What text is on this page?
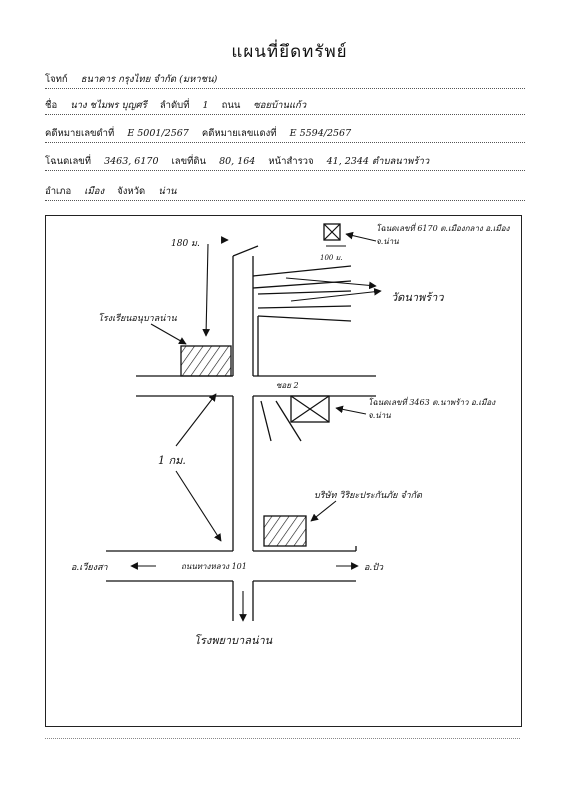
แผนที่ยึดทรัพย์
โจทก์ ธนาคาร กรุงไทย จำกัด (มหาชน)
ชื่อ นาง ชไมพร บุญศรี ลำดับที่ 1 ถนน ซอยบ้านแก้ว
คดีหมายเลขดำที่ E 5001/2567 คดีหมายเลขแดงที่ E 5594/2567
โฉนดเลขที่ 3463, 6170 เลขที่ดิน 80, 164 หน้าสำรวจ 41, 2344 ตำบลนาพร้าว
อำเภอ เมือง จังหวัด น่าน
180 ม.
100 ม.
โฉนดเลขที่ 6170 ต.เมืองกลาง อ.เมือง จ.น่าน
วัดนาพร้าว
โรงเรียนอนุบาลน่าน
ซอย 2
โฉนดเลขที่ 3463 ต.นาพร้าว อ.เมือง จ.น่าน
1 กม.
บริษัท วิริยะประกันภัย จำกัด
อ.เวียงสา	ถนนทางหลวง 101	อ.ปัว
โรงพยาบาลน่าน
